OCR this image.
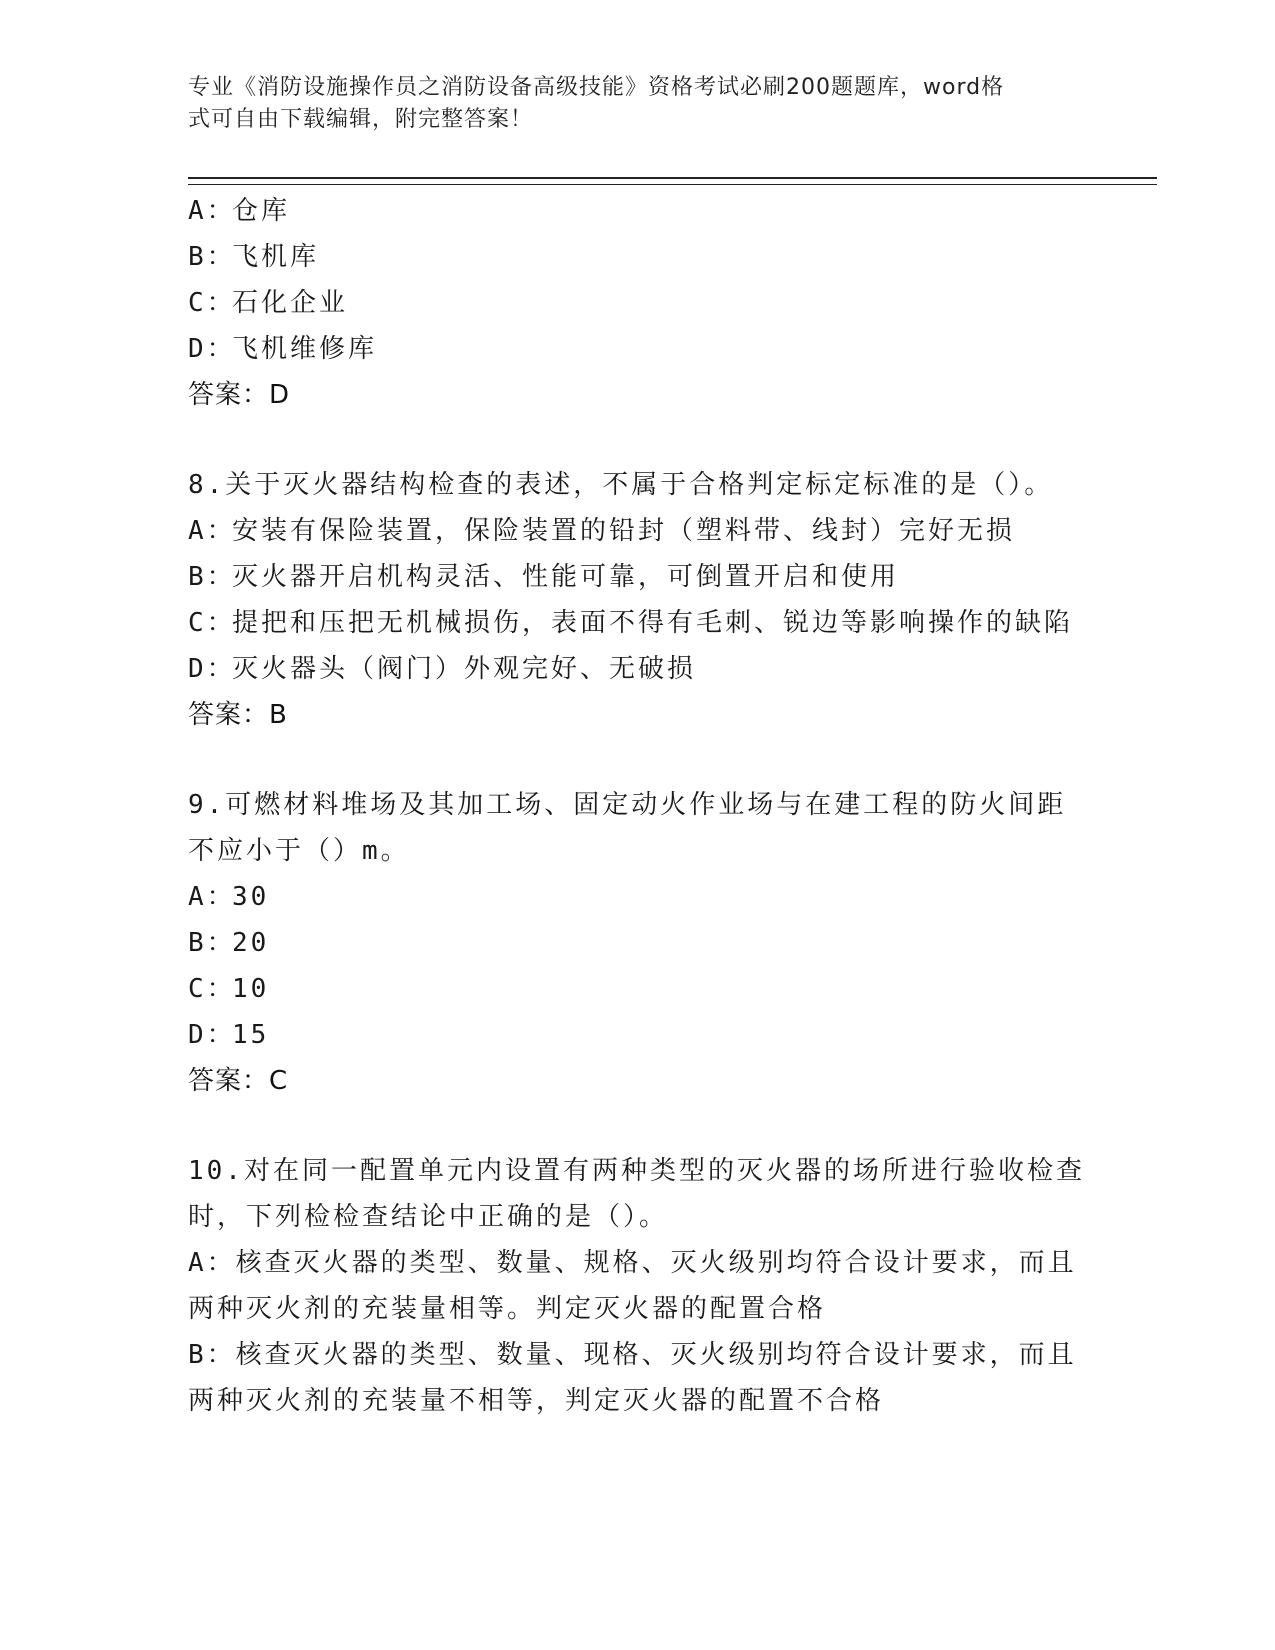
专业《消防设施操作员之消防设备高级技能》资格考试必刷200题题库，word格
式可自由下载编辑，附完整答案！
A：仓库
B：飞机库
C：石化企业
D：飞机维修库
答案：D
8.关于灭火器结构检查的表述，不属于合格判定标定标准的是（）。
A：安装有保险装置，保险装置的铅封（塑料带、线封）完好无损
B：灭火器开启机构灵活、性能可靠，可倒置开启和使用
C：提把和压把无机械损伤，表面不得有毛刺、锐边等影响操作的缺陷
D：灭火器头（阀门）外观完好、无破损
答案：B
9.可燃材料堆场及其加工场、固定动火作业场与在建工程的防火间距
不应小于（）m。
A：30
B：20
C：10
D：15
答案：C
10.对在同一配置单元内设置有两种类型的灭火器的场所进行验收检查
时，下列检检查结论中正确的是（）。
A：核查灭火器的类型、数量、规格、灭火级别均符合设计要求，而且
两种灭火剂的充装量相等。判定灭火器的配置合格
B：核查灭火器的类型、数量、现格、灭火级别均符合设计要求，而且
两种灭火剂的充装量不相等，判定灭火器的配置不合格
